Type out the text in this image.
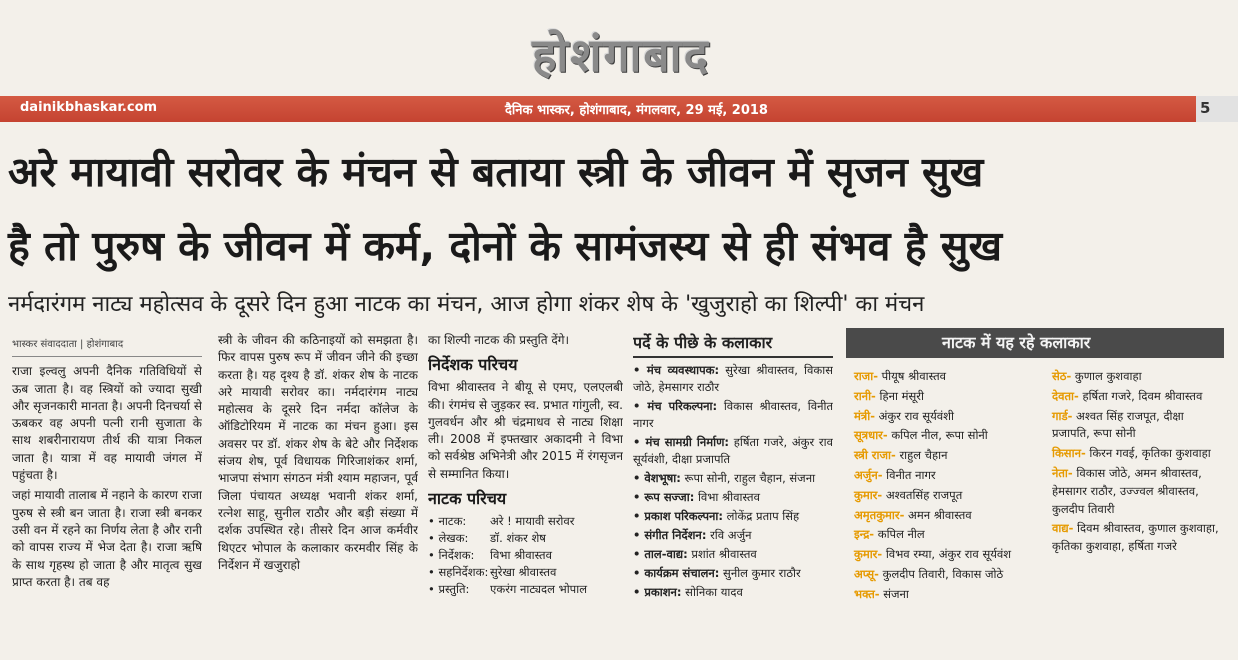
होशंगाबाद
dainikbhaskar.com	दैनिक भास्कर, होशंगाबाद, मंगलवार, 29 मई, 2018	5
अरे मायावी सरोवर के मंचन से बताया स्त्री के जीवन में सृजन सुख
है तो पुरुष के जीवन में कर्म, दोनों के सामंजस्य से ही संभव है सुख
नर्मदारंगम नाट्य महोत्सव के दूसरे दिन हुआ नाटक का मंचन, आज होगा शंकर शेष के 'खुजुराहो का शिल्पी' का मंचन
भास्कर संवाददाता | होशंगाबाद

राजा इल्वलु अपनी दैनिक गतिविधियों से ऊब जाता है। वह स्त्रियों को ज्यादा सुखी और सृजनकारी मानता है। अपनी दिनचर्या से ऊबकर वह अपनी पत्नी रानी सुजाता के साथ शबरीनारायण तीर्थ की यात्रा निकल जाता है। यात्रा में वह मायावी जंगल में पहुंचता है।

जहां मायावी तालाब में नहाने के कारण राजा पुरुष से स्त्री बन जाता है। राजा स्त्री बनकर उसी वन में रहने का निर्णय लेता है और रानी को वापस राज्य में भेज देता है। राजा ऋषि के साथ गृहस्थ हो जाता है और मातृत्व सुख प्राप्त करता है। तब वह

स्त्री के जीवन की कठिनाइयों को समझता है। फिर वापस पुरुष रूप में जीवन जीने की इच्छा करता है। यह दृश्य है डॉ. शंकर शेष के नाटक अरे मायावी सरोवर का। नर्मदारंगम नाट्य महोत्सव के दूसरे दिन नर्मदा कॉलेज के ऑडिटोरियम में नाटक का मंचन हुआ। इस अवसर पर डॉ. शंकर शेष के बेटे और निर्देशक संजय शेष, पूर्व विधायक गिरिजाशंकर शर्मा, भाजपा संभाग संगठन मंत्री श्याम महाजन, पूर्व जिला पंचायत अध्यक्ष भवानी शंकर शर्मा, रत्नेश साहू, सुनील राठौर और बड़ी संख्या में दर्शक उपस्थित रहे। तीसरे दिन आज कर्मवीर थिएटर भोपाल के कलाकार करमवीर सिंह के निर्देशन में खजुराहो

का शिल्पी नाटक की प्रस्तुति देंगे।

निर्देशक परिचय

विभा श्रीवास्तव ने बीयू से एमए, एलएलबी की। रंगमंच से जुड़कर स्व. प्रभात गांगुली, स्व. गुलवर्धन और श्री चंद्रमाधव से नाट्य शिक्षा ली। 2008 में इफ्तखार अकादमी ने विभा को सर्वश्रेष्ठ अभिनेत्री और 2015 में रंगसृजन से सम्मानित किया।

नाटक परिचय
• नाटक:	अरे ! मायावी सरोवर
• लेखक:	डॉ. शंकर शेष
• निर्देशक:	विभा श्रीवास्तव
• सहनिर्देशक: सुरेखा श्रीवास्तव
• प्रस्तुति:	एकरंग नाट्यदल भोपाल
पर्दे के पीछे के कलाकार
• मंच व्यवस्थापक: सुरेखा श्रीवास्तव, विकास जोठे, हेमसागर राठौर
• मंच परिकल्पना: विकास श्रीवास्तव, विनीत नागर
• मंच सामग्री निर्माण: हर्षिता गजरे, अंकुर राव सूर्यवंशी, दीक्षा प्रजापति
• वेशभूषा: रूपा सोनी, राहुल चैहान, संजना
• रूप सज्जा: विभा श्रीवास्तव
• प्रकाश परिकल्पना: लोकेंद्र प्रताप सिंह
• संगीत निर्देशन: रवि अर्जुन
• ताल-वाद्य: प्रशांत श्रीवास्तव
• कार्यक्रम संचालन: सुनील कुमार राठौर
• प्रकाशन: सोनिका यादव
नाटक में यह रहे कलाकार
राजा- पीयूष श्रीवास्तव
रानी- हिना मंसूरी
मंत्री- अंकुर राव सूर्यवंशी
सूत्रधार- कपिल नील, रूपा सोनी
स्त्री राजा- राहुल चैहान
अर्जुन- विनीत नागर
कुमार- अश्वतसिंह राजपूत
अमृतकुमार- अमन श्रीवास्तव
इन्द्र- कपिल नील
कुमार- विभव रम्या, अंकुर राव सूर्यवंश
अप्सू- कुलदीप तिवारी, विकास जोठे
भक्त- संजना
सेठ- कुणाल कुशवाहा
देवता- हर्षिता गजरे, दिवम श्रीवास्तव
गार्ड- अश्वत सिंह राजपूत, दीक्षा प्रजापति, रूपा सोनी
किसान- किरन गवई, कृतिका कुशवाहा
नेता- विकास जोठे, अमन श्रीवास्तव, हेमसागर राठौर, उज्ज्वल श्रीवास्तव, कुलदीप तिवारी
वाद्य- दिवम श्रीवास्तव, कुणाल कुशवाहा, कृतिका कुशवाहा, हर्षिता गजरे
